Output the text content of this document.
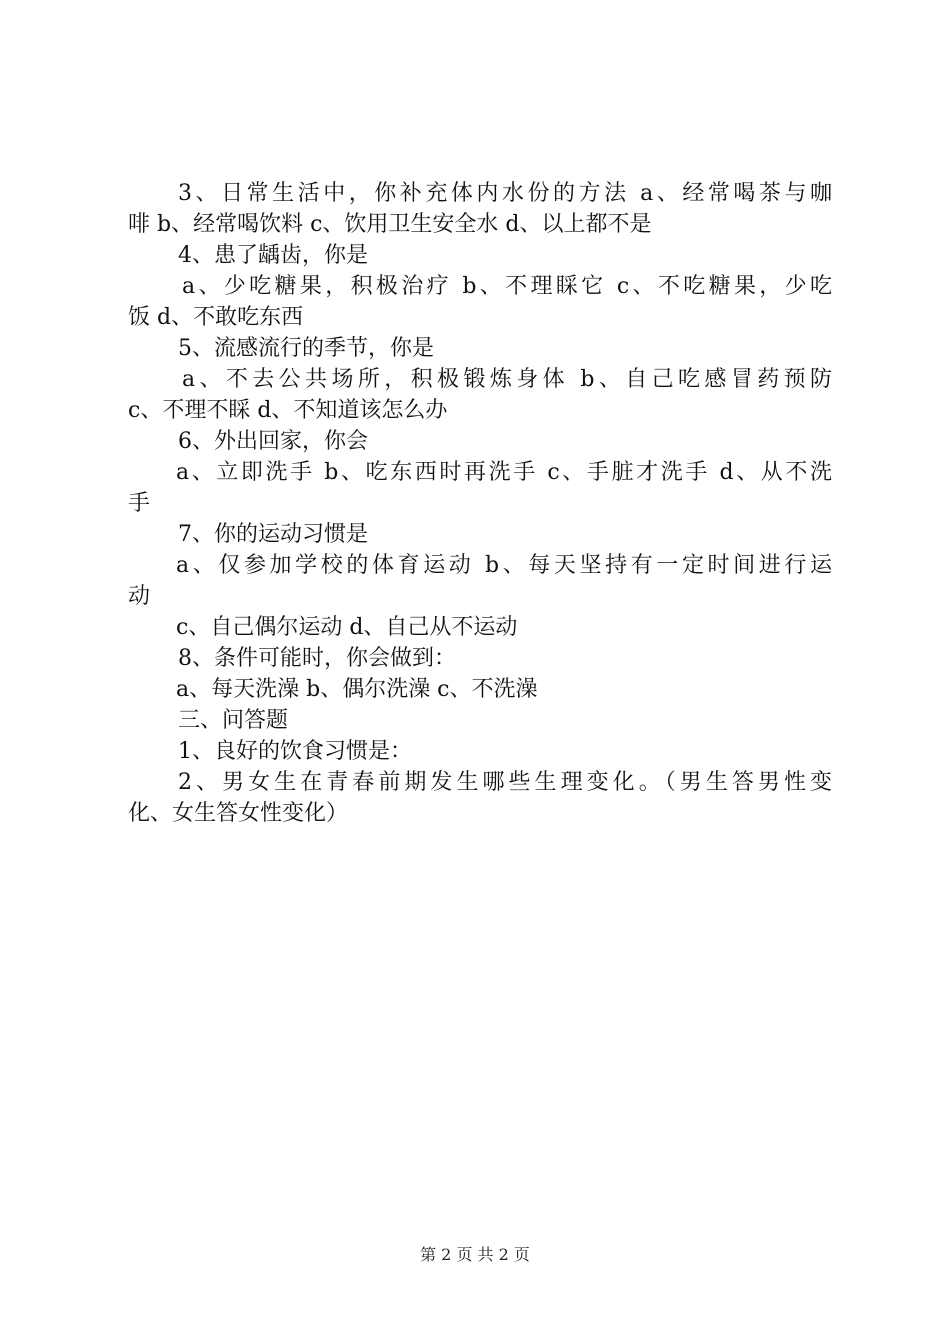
3、日常生活中，你补充体内水份的方法 a、经常喝茶与咖
啡 b、经常喝饮料 c、饮用卫生安全水 d、以上都不是
4、患了龋齿，你是
a、少吃糖果，积极治疗 b、不理睬它 c、不吃糖果，少吃
饭 d、不敢吃东西
5、流感流行的季节，你是
a、不去公共场所，积极锻炼身体 b、自己吃感冒药预防
c、不理不睬 d、不知道该怎么办
6、外出回家，你会
a、立即洗手 b、吃东西时再洗手 c、手脏才洗手 d、从不洗
手
7、你的运动习惯是
a、仅参加学校的体育运动 b、每天坚持有一定时间进行运
动
c、自己偶尔运动 d、自己从不运动
8、条件可能时，你会做到：
a、每天洗澡 b、偶尔洗澡 c、不洗澡
三、问答题
1、良好的饮食习惯是：
2、男女生在青春前期发生哪些生理变化。（男生答男性变
化、女生答女性变化）
第 2 页 共 2 页
